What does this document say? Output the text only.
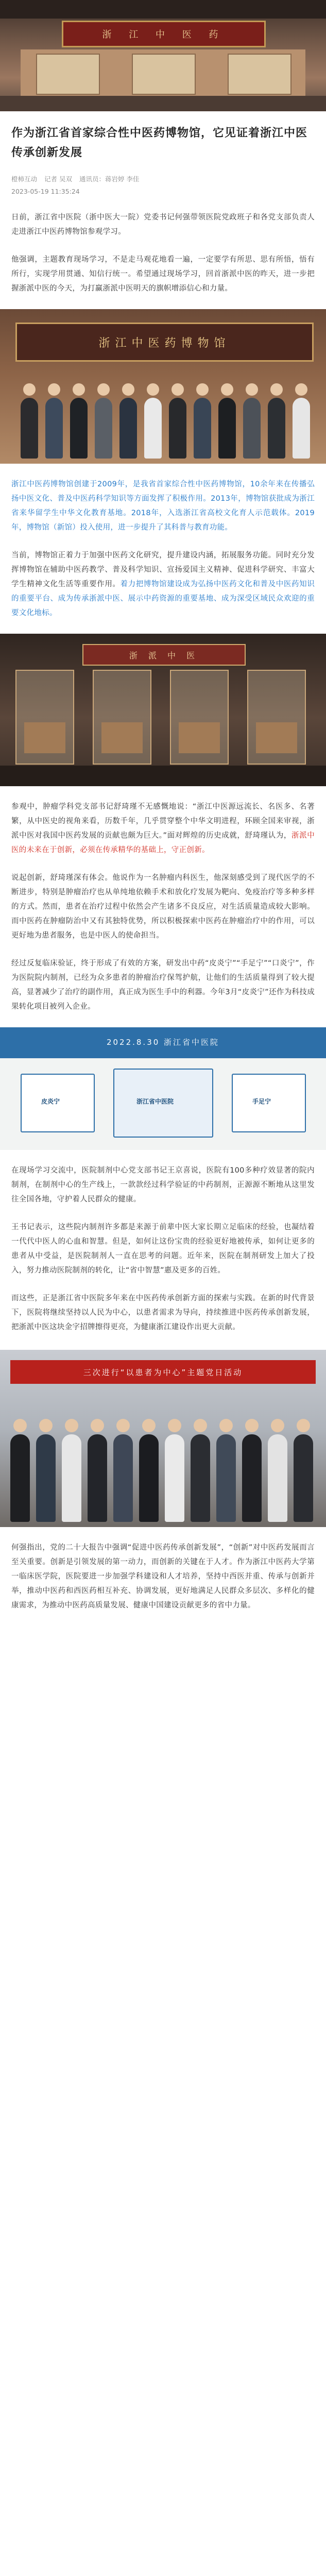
浙 江 中 医 药
作为浙江省首家综合性中医药博物馆，它见证着浙江中医传承创新发展
橙柿互动 记者 吴双 通讯员：蒋岩婷 李佳
2023-05-19 11:35:24

日前，浙江省中医院（浙中医大一院）党委书记何强带领医院党政班子和各党支部负责人走进浙江中医药博物馆参观学习。

他强调，主题教育现场学习，不是走马观花地看一遍，一定要学有所思、思有所悟，悟有所行，实现学用贯通、知信行统一。希望通过现场学习，回首浙派中医的昨天，进一步把握浙派中医的今天，为打赢浙派中医明天的旗帜增添信心和力量。

浙江中医药博物馆

浙江中医药博物馆创建于2009年，是我省首家综合性中医药博物馆，10余年来在传播弘扬中医文化、普及中医药科学知识等方面发挥了积极作用。2013年，博物馆获批成为浙江省来华留学生中华文化教育基地。2018年，入选浙江省高校文化育人示范载体。2019年，博物馆（新馆）投入使用，进一步提升了其科普与教育功能。

当前，博物馆正着力于加强中医药文化研究，提升建设内涵，拓展服务功能。同时充分发挥博物馆在辅助中医药教学、普及科学知识、宣扬爱国主义精神、促进科学研究、丰富大学生精神文化生活等重要作用。着力把博物馆建设成为弘扬中医药文化和普及中医药知识的重要平台、成为传承浙派中医、展示中药资源的重要基地、成为深受区域民众欢迎的重要文化地标。

浙 派 中 医

参观中，肿瘤学科党支部书记舒琦瑾不无感慨地说：“浙江中医源远流长、名医多、名著繁，从中医史的视角来看，历数千年，几乎贯穿整个中华文明进程，环顾全国来审视，浙派中医对我国中医药发展的贡献也颇为巨大。”面对辉煌的历史成就，舒琦瑾认为，浙派中医的未来在于创新，必须在传承精华的基础上，守正创新。

说起创新，舒琦瑾深有体会。他说作为一名肿瘤内科医生，他深刻感受到了现代医学的不断进步，特别是肿瘤治疗也从单纯地依赖手术和放化疗发展为靶向、免疫治疗等多种多样的方式。然而，患者在治疗过程中依然会产生诸多不良反应，对生活质量造成较大影响。而中医药在肿瘤防治中又有其独特优势，所以积极探索中医药在肿瘤治疗中的作用，可以更好地为患者服务，也是中医人的使命担当。

经过反复临床验证，终于形成了有效的方案，研发出中药“皮炎宁”“手足宁”“口炎宁”，作为医院院内制剂，已经为众多患者的肿瘤治疗保驾护航，让他们的生活质量得到了较大提高，显著减少了治疗的副作用，真正成为医生手中的利器。今年3月“皮炎宁”还作为科技成果转化项目被列入企业。

2022.8.30 浙江省中医院
皮炎宁	浙江省中医院	手足宁

在现场学习交流中，医院制剂中心党支部书记王京喜说，医院有100多种疗效显著的院内制剂，在制剂中心的生产线上，一款款经过科学验证的中药制剂，正源源不断地从这里发往全国各地，守护着人民群众的健康。

王书记表示，这些院内制剂许多都是来源于前辈中医大家长期立足临床的经验，也凝结着一代代中医人的心血和智慧。但是，如何让这份宝贵的经验更好地被传承，如何让更多的患者从中受益，是医院制剂人一直在思考的问题。近年来，医院在制剂研发上加大了投入，努力推动医院制剂的转化，让“省中智慧”惠及更多的百姓。

而这些，正是浙江省中医院多年来在中医药传承创新方面的探索与实践。在新的时代背景下，医院将继续坚持以人民为中心，以患者需求为导向，持续推进中医药传承创新发展，把浙派中医这块金字招牌擦得更亮，为健康浙江建设作出更大贡献。

三次进行“以患者为中心”主题党日活动

何强指出，党的二十大报告中强调“促进中医药传承创新发展”，“创新”对中医药发展而言至关重要。创新是引领发展的第一动力，而创新的关键在于人才。作为浙江中医药大学第一临床医学院，医院要进一步加强学科建设和人才培养，坚持中西医并重、传承与创新并举，推动中医药和西医药相互补充、协调发展，更好地满足人民群众多层次、多样化的健康需求，为推动中医药高质量发展、健康中国建设贡献更多的省中力量。
